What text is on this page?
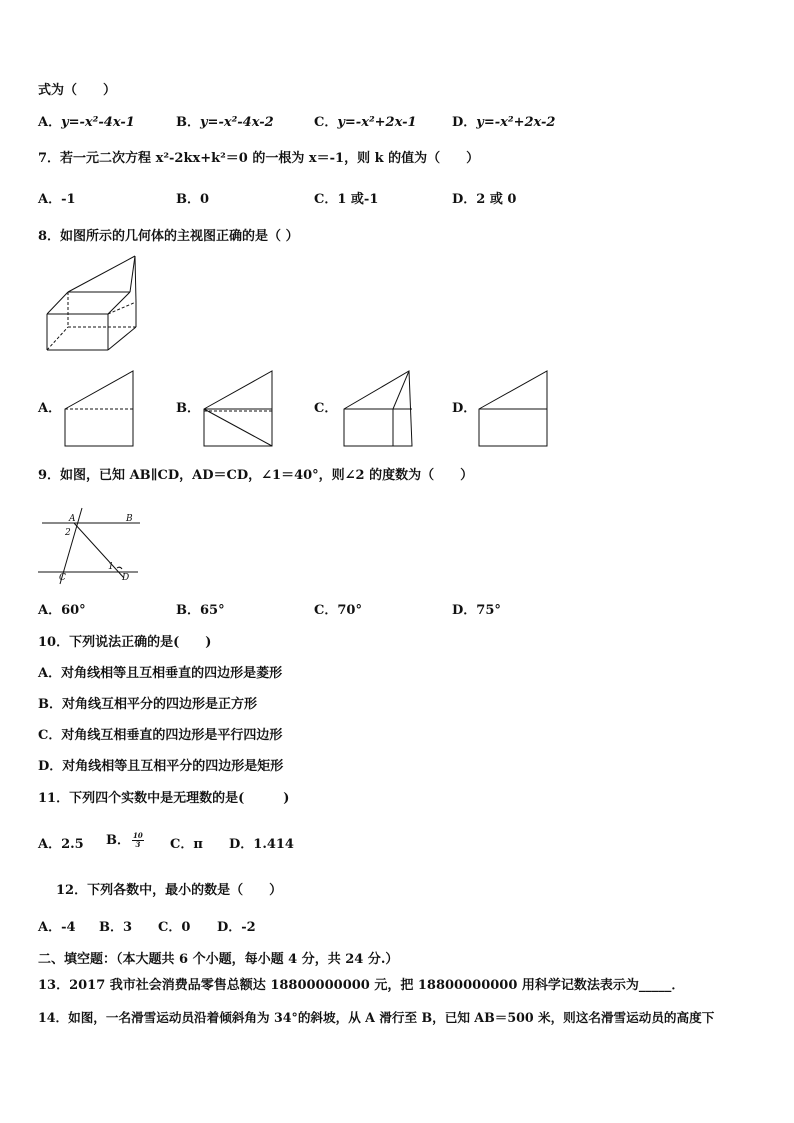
式为（　　）
A．y=-x²-4x-1	B．y=-x²-4x-2	C．y=-x²+2x-1	D．y=-x²+2x-2
7．若一元二次方程 x²-2kx+k²＝0 的一根为 x＝-1，则 k 的值为（　　）
A．-1	B．0	C．1 或-1	D．2 或 0
8．如图所示的几何体的主视图正确的是（ ）
A．	B．	C．	D．
9．如图，已知 AB∥CD，AD＝CD，∠1＝40°，则∠2 的度数为（　　）
A	B
C	D
1
2
A．60°	B．65°	C．70°	D．75°
10．下列说法正确的是(　　)
A．对角线相等且互相垂直的四边形是菱形
B．对角线互相平分的四边形是正方形
C．对角线互相垂直的四边形是平行四边形
D．对角线相等且互相平分的四边形是矩形
11．下列四个实数中是无理数的是(　　　)
A．2.5 B． $\frac{10}{3}$ C．π D．1.414
12．下列各数中，最小的数是（　　）
A．-4 B．3 C．0 D．-2
二、填空题：（本大题共 6 个小题，每小题 4 分，共 24 分.）
13．2017 我市社会消费品零售总额达 18800000000 元，把 18800000000 用科学记数法表示为_____．
14．如图，一名滑雪运动员沿着倾斜角为 34°的斜坡，从 A 滑行至 B，已知 AB＝500 米，则这名滑雪运动员的高度下
